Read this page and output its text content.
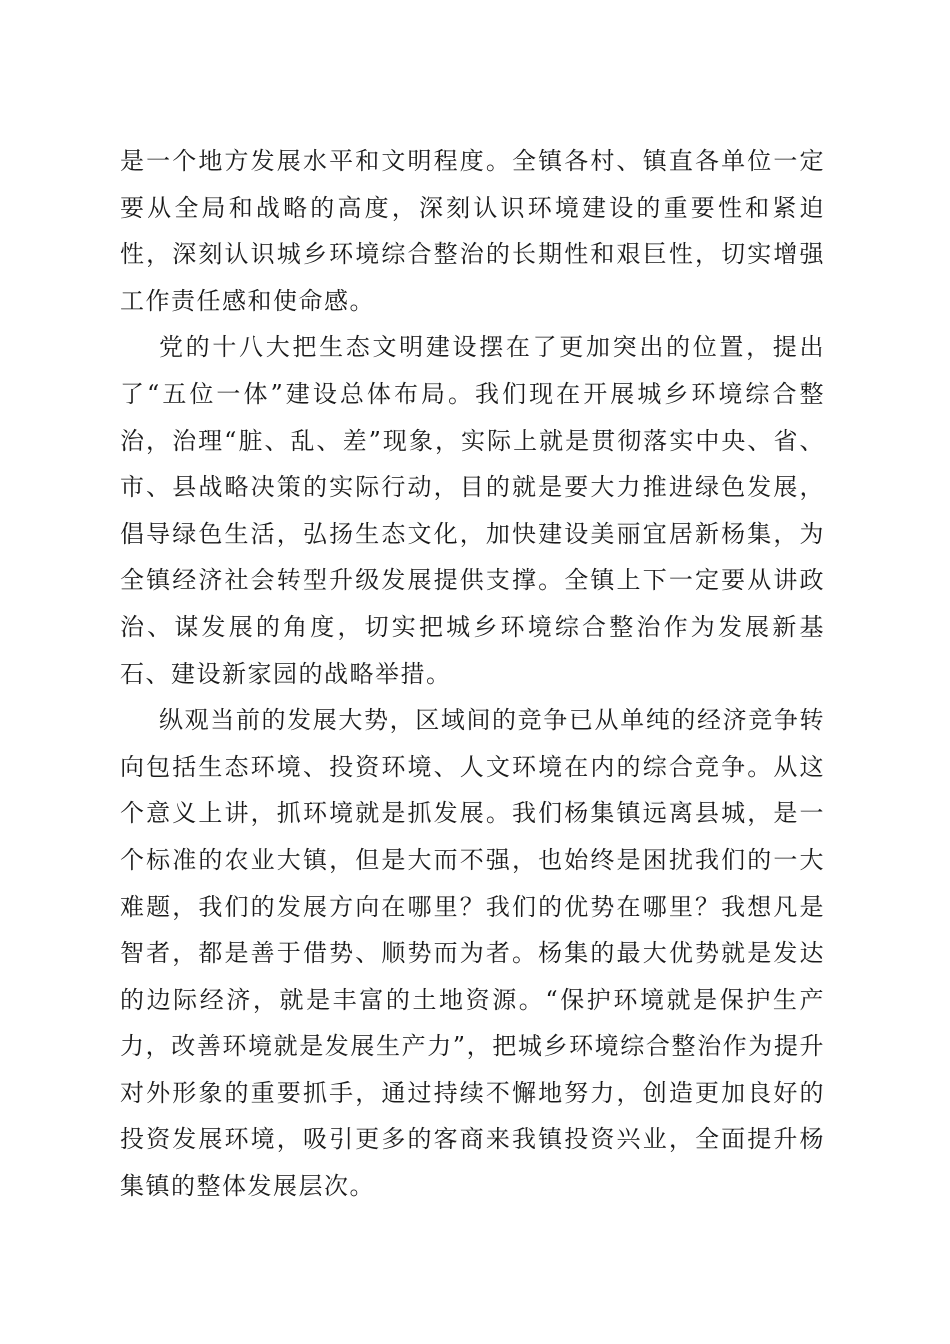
是一个地方发展水平和文明程度。全镇各村、镇直各单位一定要从全局和战略的高度，深刻认识环境建设的重要性和紧迫性，深刻认识城乡环境综合整治的长期性和艰巨性，切实增强工作责任感和使命感。

党的十八大把生态文明建设摆在了更加突出的位置，提出了“五位一体”建设总体布局。我们现在开展城乡环境综合整治，治理“脏、乱、差”现象，实际上就是贯彻落实中央、省、市、县战略决策的实际行动，目的就是要大力推进绿色发展，倡导绿色生活，弘扬生态文化，加快建设美丽宜居新杨集，为全镇经济社会转型升级发展提供支撑。全镇上下一定要从讲政治、谋发展的角度，切实把城乡环境综合整治作为发展新基石、建设新家园的战略举措。

纵观当前的发展大势，区域间的竞争已从单纯的经济竞争转向包括生态环境、投资环境、人文环境在内的综合竞争。从这个意义上讲，抓环境就是抓发展。我们杨集镇远离县城，是一个标准的农业大镇，但是大而不强，也始终是困扰我们的一大难题，我们的发展方向在哪里？我们的优势在哪里？我想凡是智者，都是善于借势、顺势而为者。杨集的最大优势就是发达的边际经济，就是丰富的土地资源。“保护环境就是保护生产力，改善环境就是发展生产力”，把城乡环境综合整治作为提升对外形象的重要抓手，通过持续不懈地努力，创造更加良好的投资发展环境，吸引更多的客商来我镇投资兴业，全面提升杨集镇的整体发展层次。
